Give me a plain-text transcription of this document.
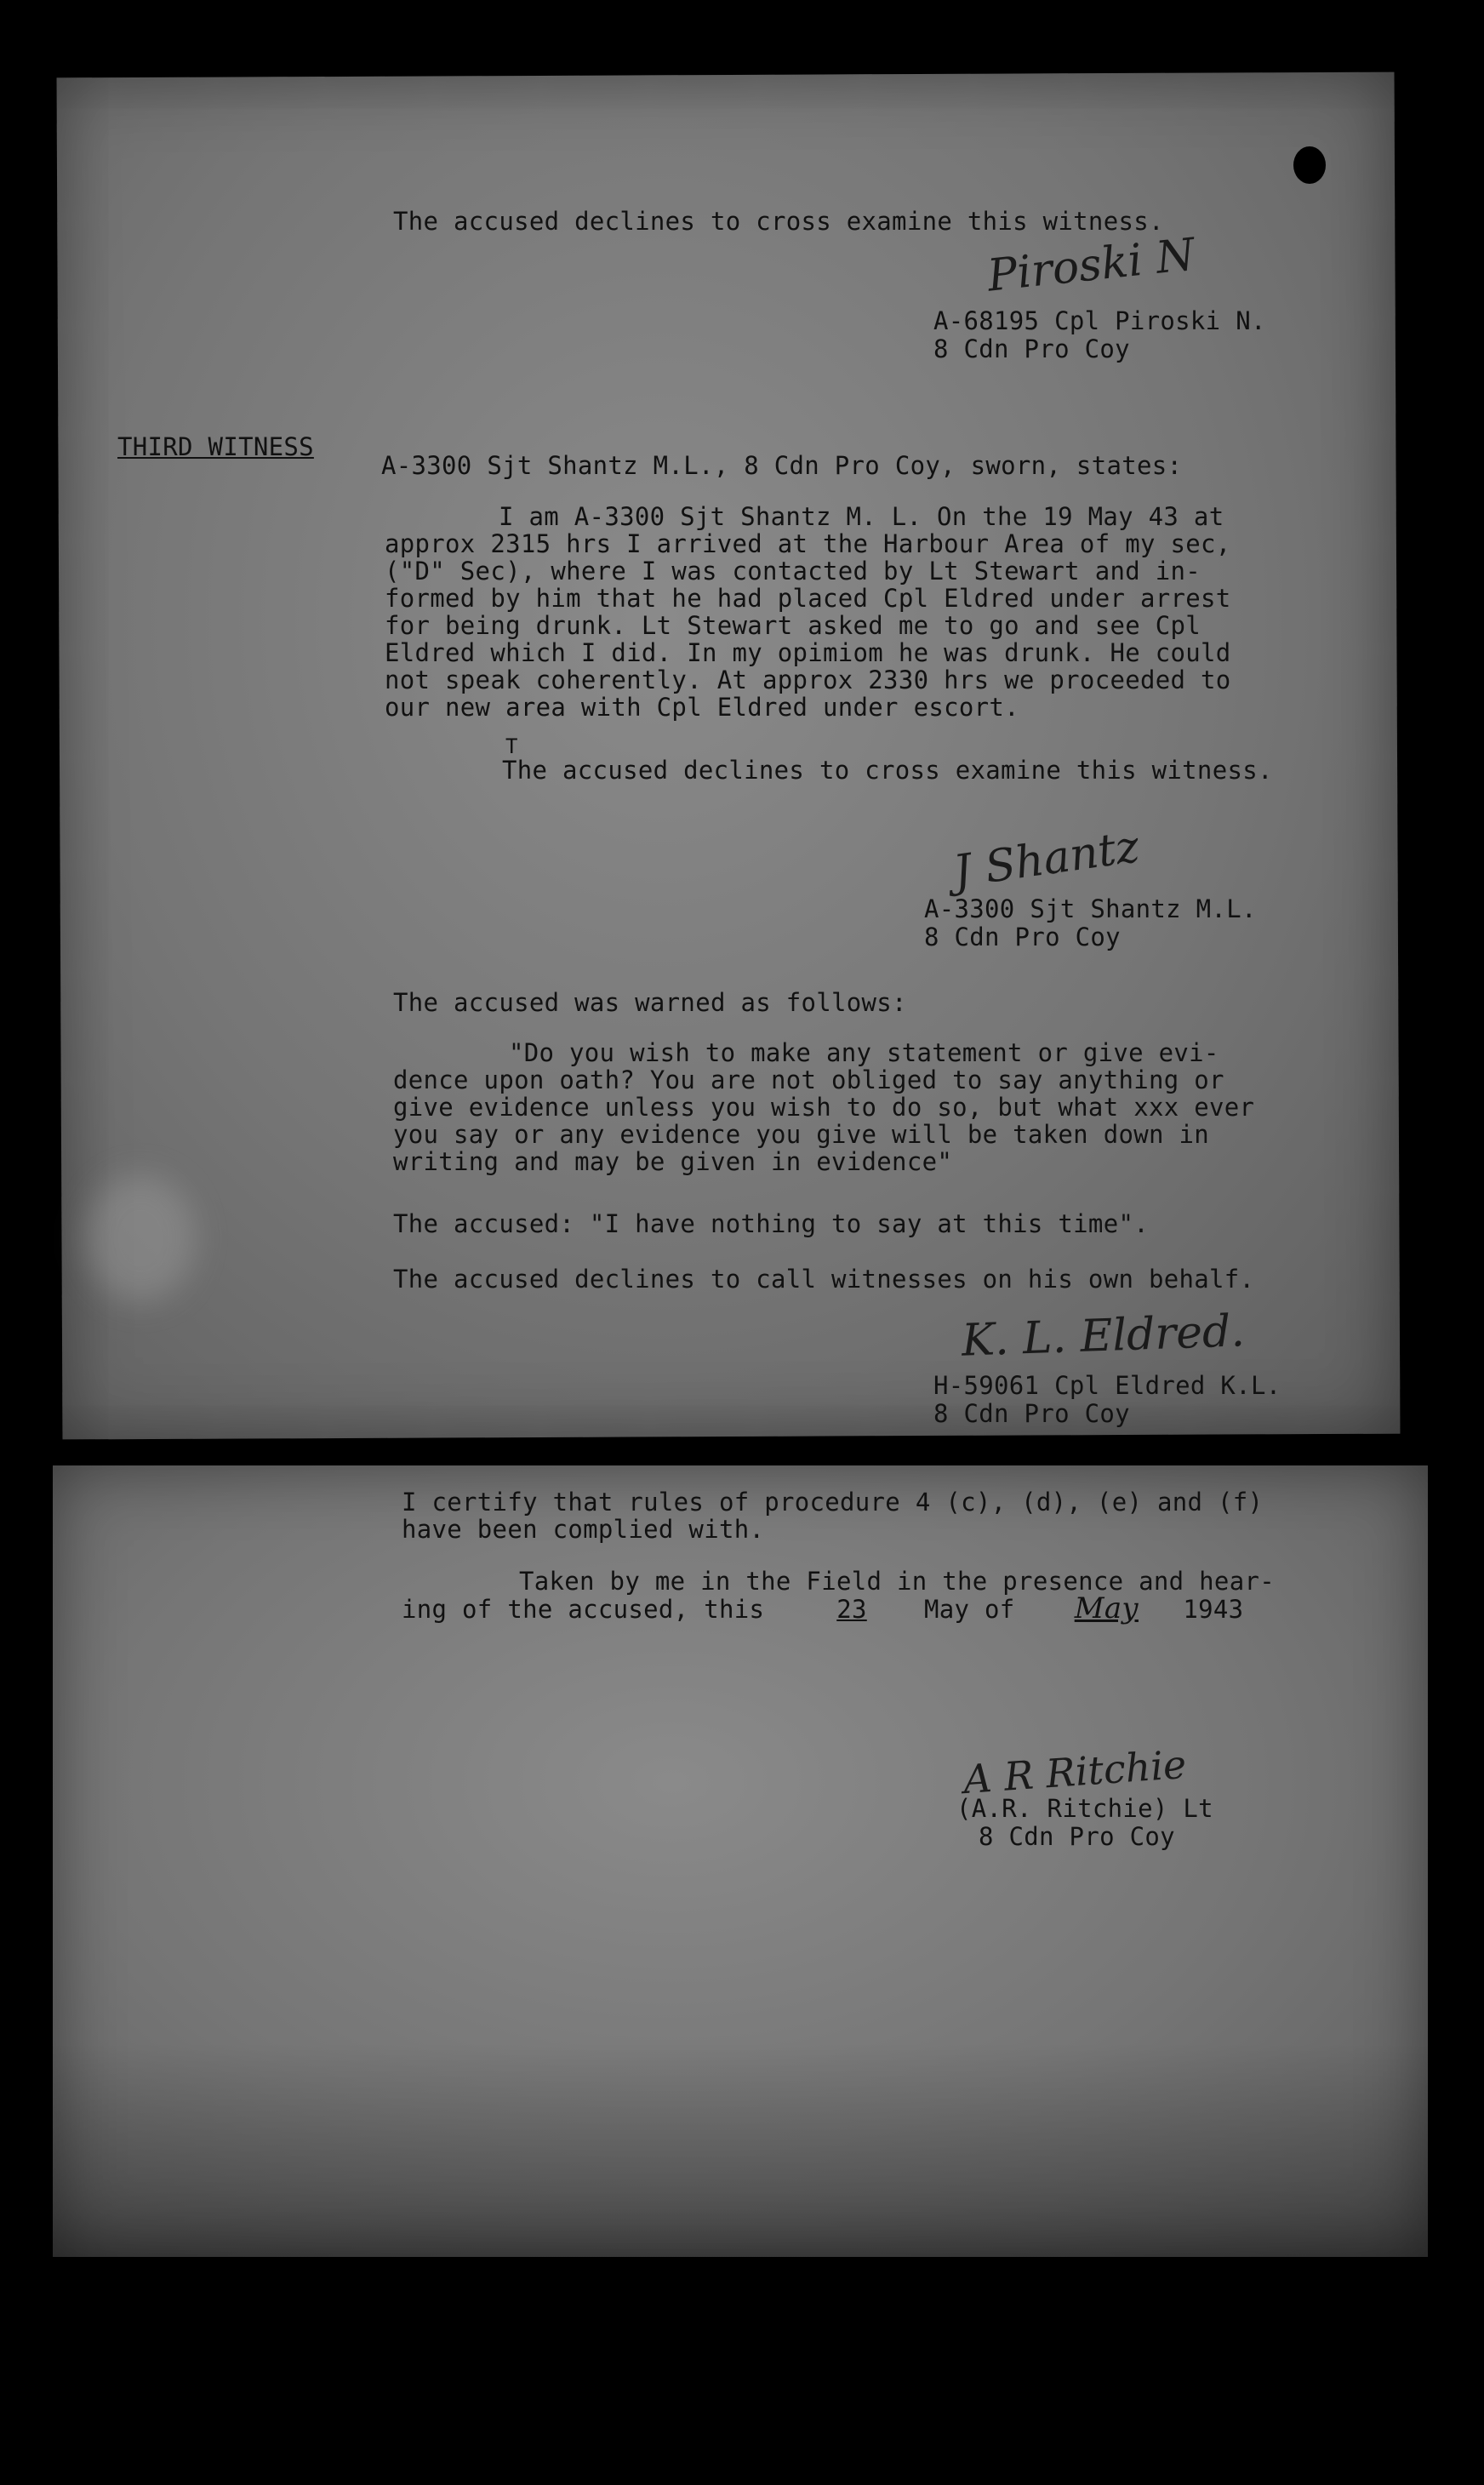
The accused declines to cross examine this witness.
Piroski N
A-68195 Cpl Piroski N.
8 Cdn Pro Coy
THIRD WITNESS
A-3300 Sjt Shantz M.L., 8 Cdn Pro Coy, sworn, states:
I am A-3300 Sjt Shantz M. L. On the 19 May 43 at
approx 2315 hrs I arrived at the Harbour Area of my sec,
("D" Sec), where I was contacted by Lt Stewart and in-
formed by him that he had placed Cpl Eldred under arrest
for being drunk. Lt Stewart asked me to go and see Cpl
Eldred which I did. In my opimiom he was drunk. He could
not speak coherently. At approx 2330 hrs we proceeded to
our new area with Cpl Eldred under escort.
T
The accused declines to cross examine this witness.
J Shantz
A-3300 Sjt Shantz M.L.
8 Cdn Pro Coy
The accused was warned as follows:
"Do you wish to make any statement or give evi-
dence upon oath? You are not obliged to say anything or
give evidence unless you wish to do so, but what xxx ever
you say or any evidence you give will be taken down in
writing and may be given in evidence"
The accused: "I have nothing to say at this time".
The accused declines to call witnesses on his own behalf.
K. L. Eldred.
H-59061 Cpl Eldred K.L.
8 Cdn Pro Coy
I certify that rules of procedure 4 (c), (d), (e) and (f)
have been complied with.
Taken by me in the Field in the presence and hear-
ing of the accused, this	23 May of May 1943
A R Ritchie
(A.R. Ritchie) Lt
8 Cdn Pro Coy
